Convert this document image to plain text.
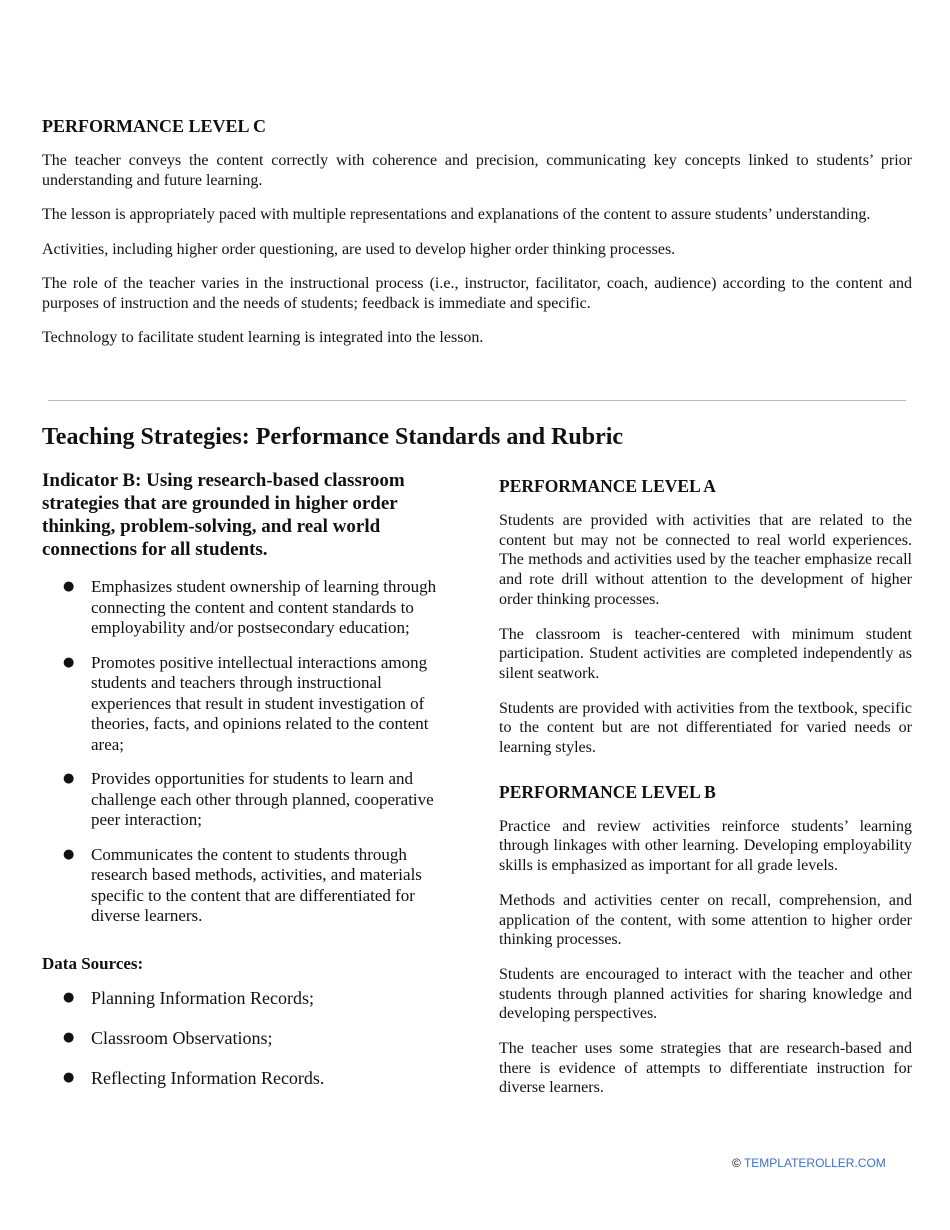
PERFORMANCE LEVEL C

The teacher conveys the content correctly with coherence and precision, communicating key concepts linked to students’ prior understanding and future learning.

The lesson is appropriately paced with multiple representations and explanations of the content to assure students’ understanding.

Activities, including higher order questioning, are used to develop higher order thinking processes.

The role of the teacher varies in the instructional process (i.e., instructor, facilitator, coach, audience) according to the content and purposes of instruction and the needs of students; feedback is immediate and specific.

Technology to facilitate student learning is integrated into the lesson.

Teaching Strategies: Performance Standards and Rubric
Indicator B: Using research-based classroom strategies that are grounded in higher order thinking, problem-solving, and real world connections for all students.
● Emphasizes student ownership of learning through connecting the content and content standards to employability and/or postsecondary education;
● Promotes positive intellectual interactions among students and teachers through instructional experiences that result in student investigation of theories, facts, and opinions related to the content area;
● Provides opportunities for students to learn and challenge each other through planned, cooperative peer interaction;
● Communicates the content to students through research based methods, activities, and materials specific to the content that are differentiated for diverse learners.
Data Sources:
● Planning Information Records;
● Classroom Observations;
● Reflecting Information Records.
PERFORMANCE LEVEL A

Students are provided with activities that are related to the content but may not be connected to real world experiences. The methods and activities used by the teacher emphasize recall and rote drill without attention to the development of higher order thinking processes.

The classroom is teacher-centered with minimum student participation. Student activities are completed independently as silent seatwork.

Students are provided with activities from the textbook, specific to the content but are not differentiated for varied needs or learning styles.

PERFORMANCE LEVEL B

Practice and review activities reinforce students’ learning through linkages with other learning. Developing employability skills is emphasized as important for all grade levels.

Methods and activities center on recall, comprehension, and application of the content, with some attention to higher order thinking processes.

Students are encouraged to interact with the teacher and other students through planned activities for sharing knowledge and developing perspectives.

The teacher uses some strategies that are research-based and there is evidence of attempts to differentiate instruction for diverse learners.

© TEMPLATEROLLER.COM
